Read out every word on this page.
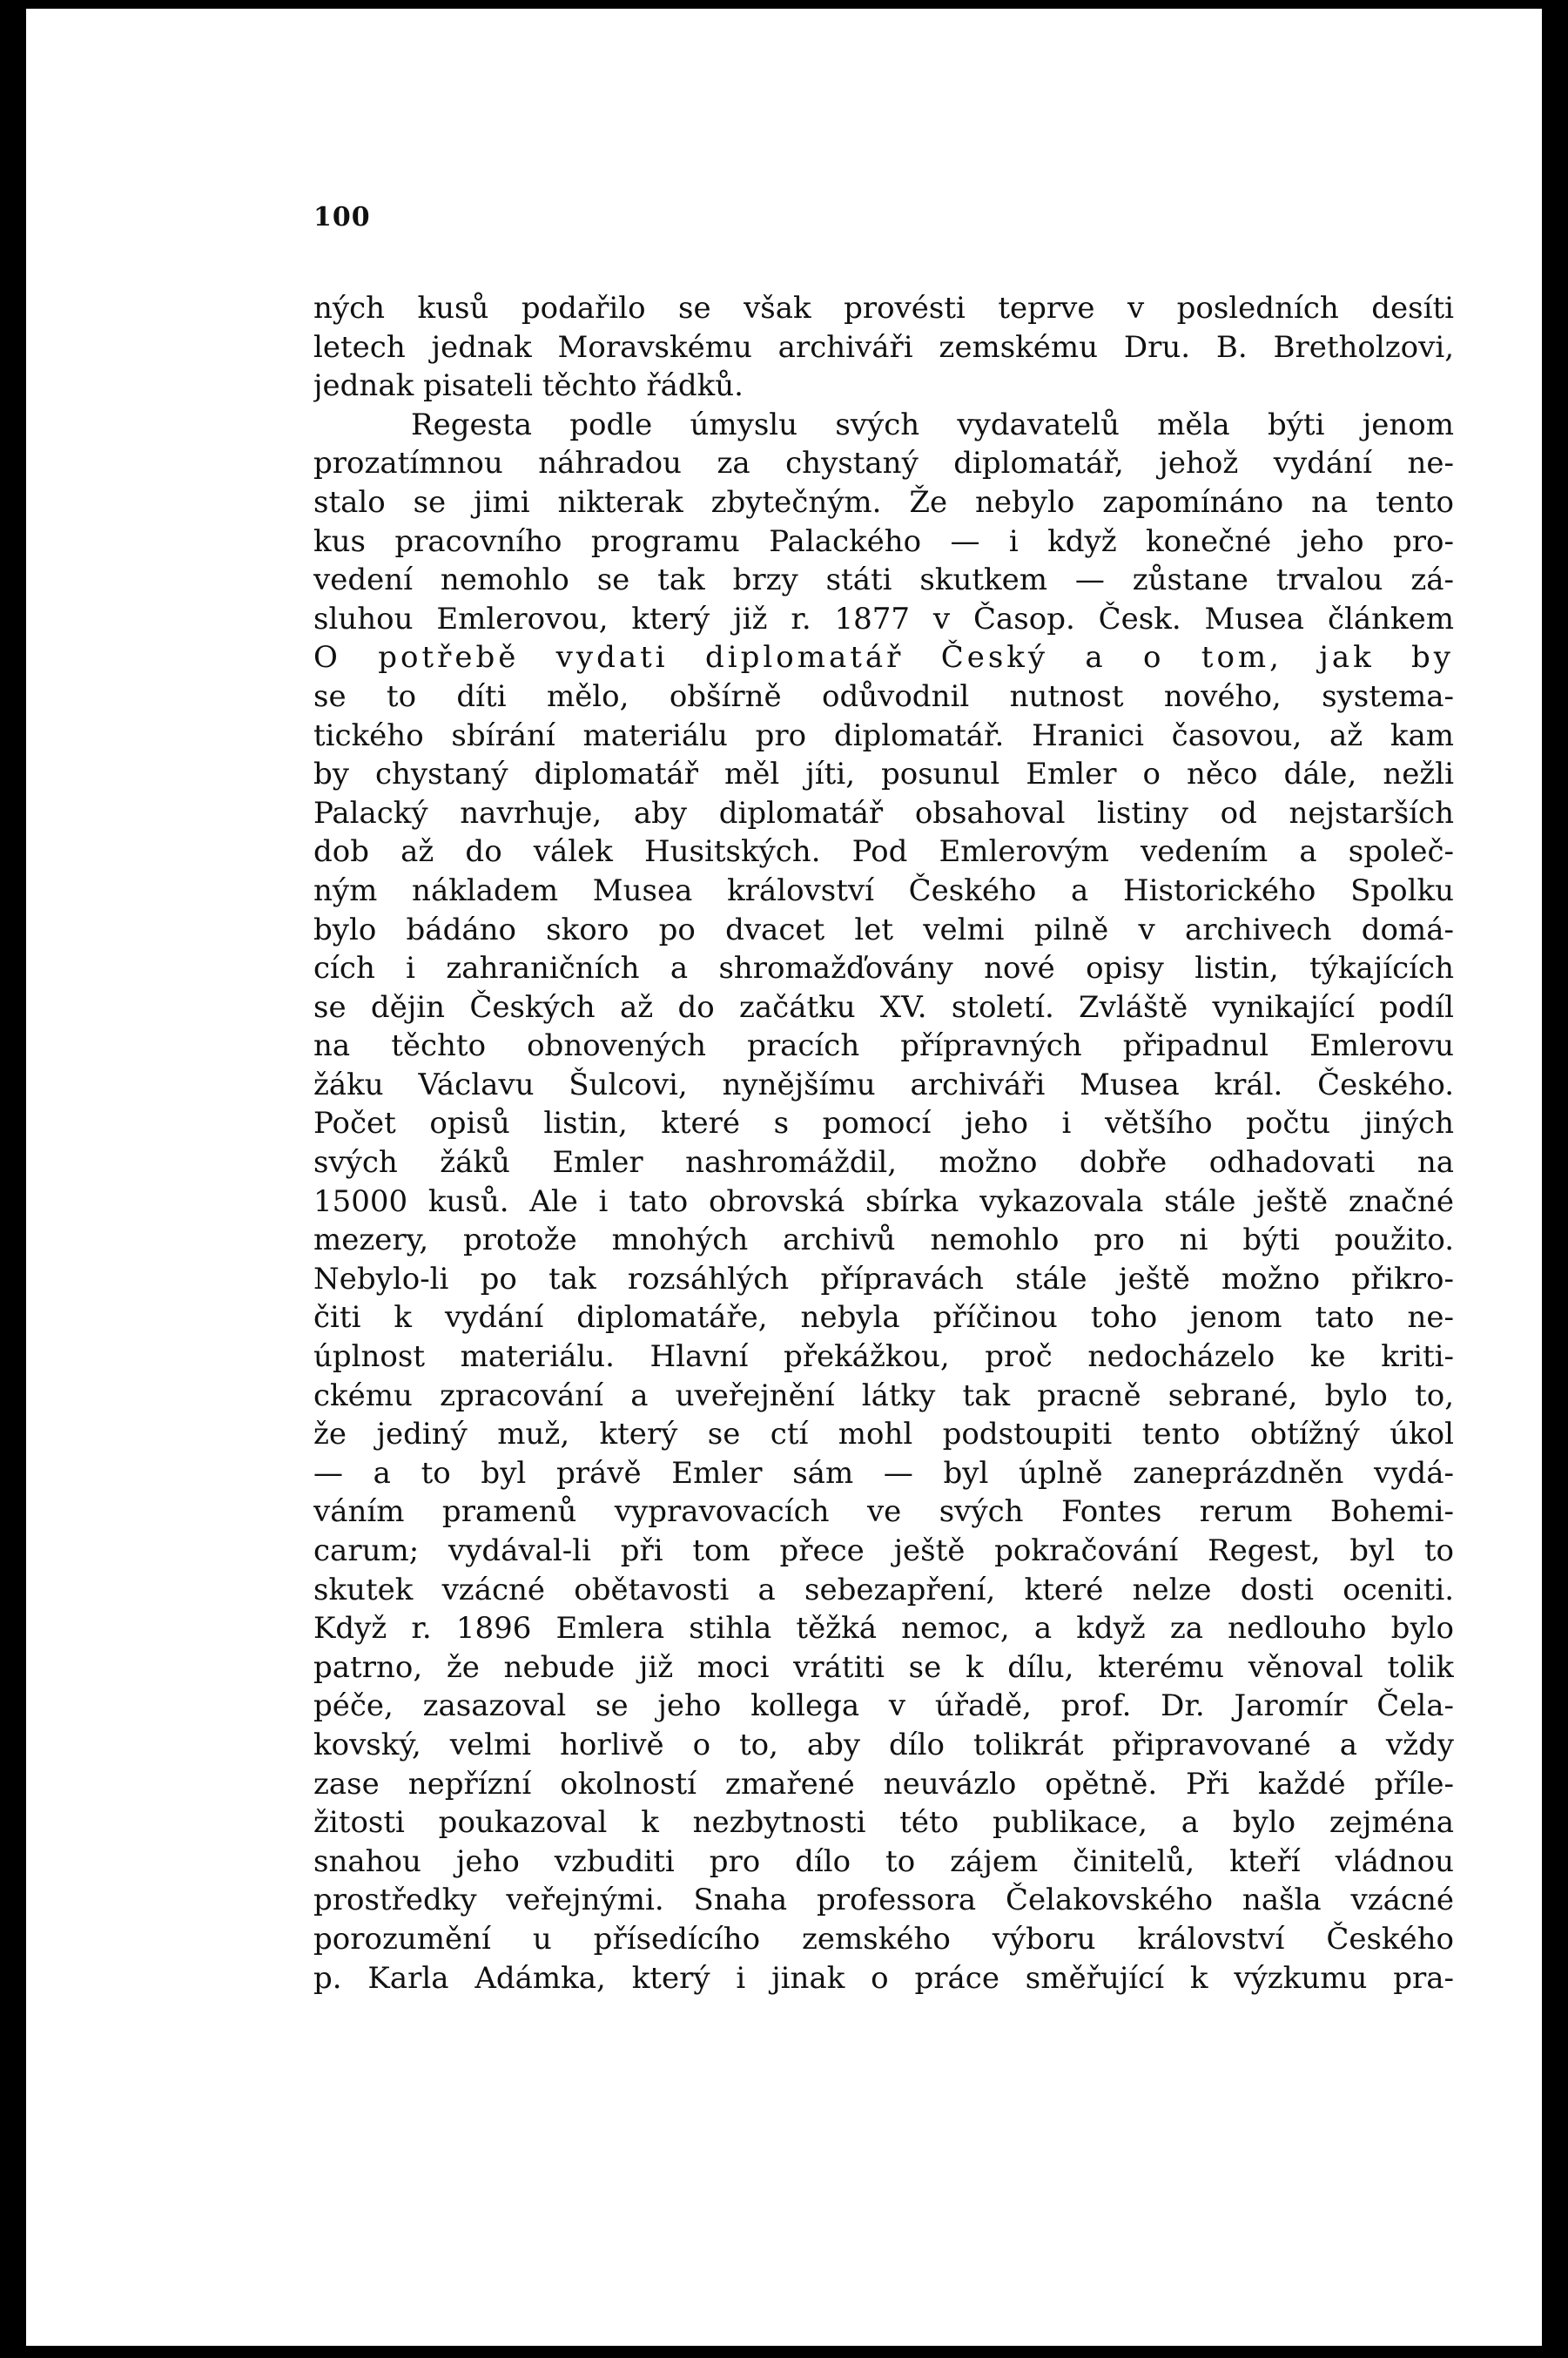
100
ných kusů podařilo se však provésti teprve v posledních desíti
letech jednak Moravskému archiváři zemskému Dru. B. Bretholzovi,
jednak pisateli těchto řádků.
Regesta podle úmyslu svých vydavatelů měla býti jenom
prozatímnou náhradou za chystaný diplomatář, jehož vydání ne-
stalo se jimi nikterak zbytečným. Že nebylo zapomínáno na tento
kus pracovního programu Palackého — i když konečné jeho pro-
vedení nemohlo se tak brzy státi skutkem — zůstane trvalou zá-
sluhou Emlerovou, který již r. 1877 v Časop. Česk. Musea článkem
O potřebě vydati diplomatář Český a o tom, jak by
se to díti mělo, obšírně odůvodnil nutnost nového, systema-
tického sbírání materiálu pro diplomatář. Hranici časovou, až kam
by chystaný diplomatář měl jíti, posunul Emler o něco dále, nežli
Palacký navrhuje, aby diplomatář obsahoval listiny od nejstarších
dob až do válek Husitských. Pod Emlerovým vedením a společ-
ným nákladem Musea království Českého a Historického Spolku
bylo bádáno skoro po dvacet let velmi pilně v archivech domá-
cích i zahraničních a shromažďovány nové opisy listin, týkajících
se dějin Českých až do začátku XV. století. Zvláště vynikající podíl
na těchto obnovených pracích přípravných připadnul Emlerovu
žáku Václavu Šulcovi, nynějšímu archiváři Musea král. Českého.
Počet opisů listin, které s pomocí jeho i většího počtu jiných
svých žáků Emler nashromáždil, možno dobře odhadovati na
15000 kusů. Ale i tato obrovská sbírka vykazovala stále ještě značné
mezery, protože mnohých archivů nemohlo pro ni býti použito.
Nebylo-li po tak rozsáhlých přípravách stále ještě možno přikro-
čiti k vydání diplomatáře, nebyla příčinou toho jenom tato ne-
úplnost materiálu. Hlavní překážkou, proč nedocházelo ke kriti-
ckému zpracování a uveřejnění látky tak pracně sebrané, bylo to,
že jediný muž, který se ctí mohl podstoupiti tento obtížný úkol
— a to byl právě Emler sám — byl úplně zaneprázdněn vydá-
váním pramenů vypravovacích ve svých Fontes rerum Bohemi-
carum; vydával-li při tom přece ještě pokračování Regest, byl to
skutek vzácné obětavosti a sebezapření, které nelze dosti oceniti.
Když r. 1896 Emlera stihla těžká nemoc, a když za nedlouho bylo
patrno, že nebude již moci vrátiti se k dílu, kterému věnoval tolik
péče, zasazoval se jeho kollega v úřadě, prof. Dr. Jaromír Čela-
kovský, velmi horlivě o to, aby dílo tolikrát připravované a vždy
zase nepřízní okolností zmařené neuvázlo opětně. Při každé příle-
žitosti poukazoval k nezbytnosti této publikace, a bylo zejména
snahou jeho vzbuditi pro dílo to zájem činitelů, kteří vládnou
prostředky veřejnými. Snaha professora Čelakovského našla vzácné
porozumění u přísedícího zemského výboru království Českého
p. Karla Adámka, který i jinak o práce směřující k výzkumu pra-
